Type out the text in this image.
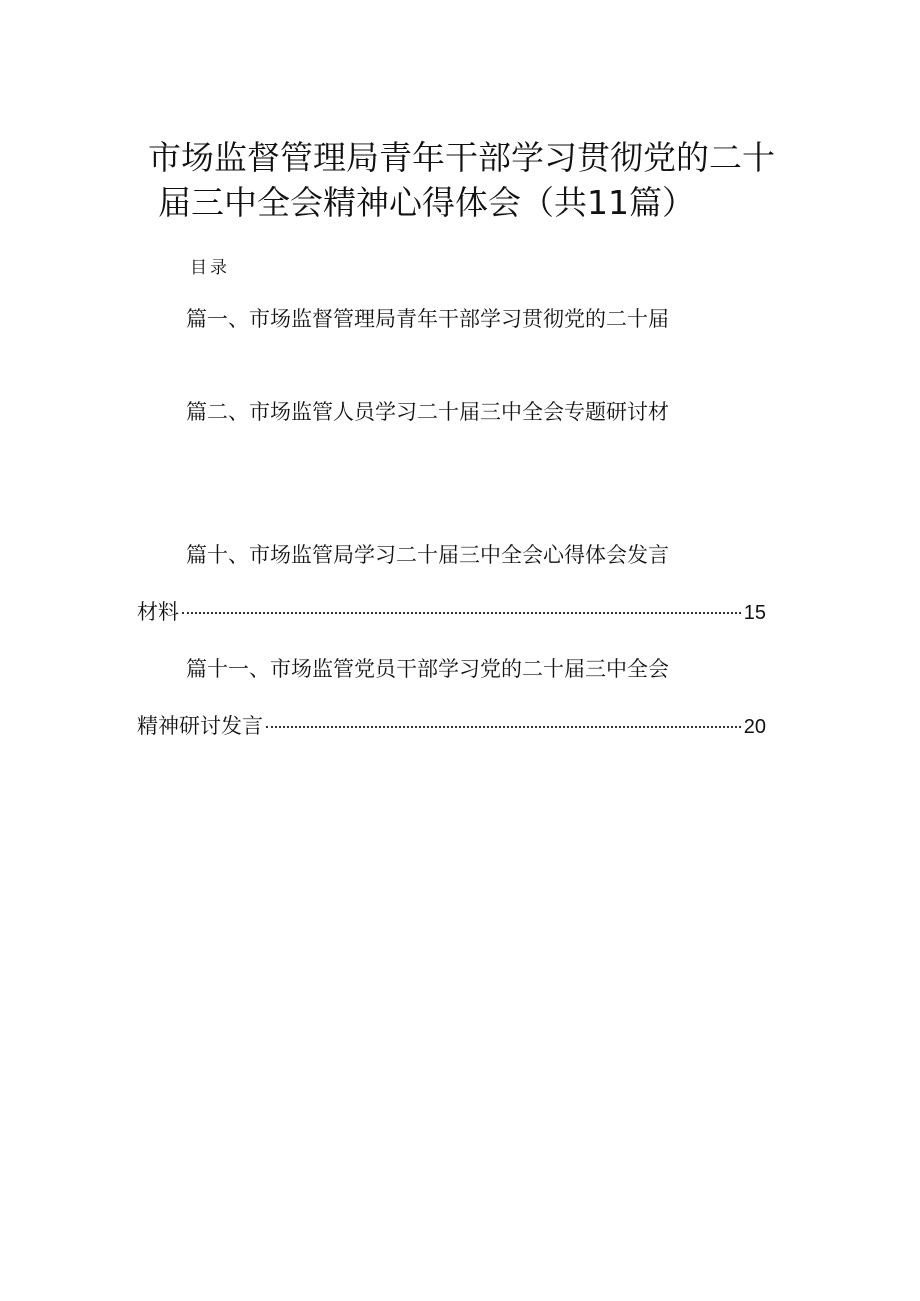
市场监督管理局青年干部学习贯彻党的二十
届三中全会精神心得体会（共11篇）
目录
篇一、市场监督管理局青年干部学习贯彻党的二十届
篇二、市场监管人员学习二十届三中全会专题研讨材
篇十、市场监管局学习二十届三中全会心得体会发言
材料	15
篇十一、市场监管党员干部学习党的二十届三中全会
精神研讨发言	20
